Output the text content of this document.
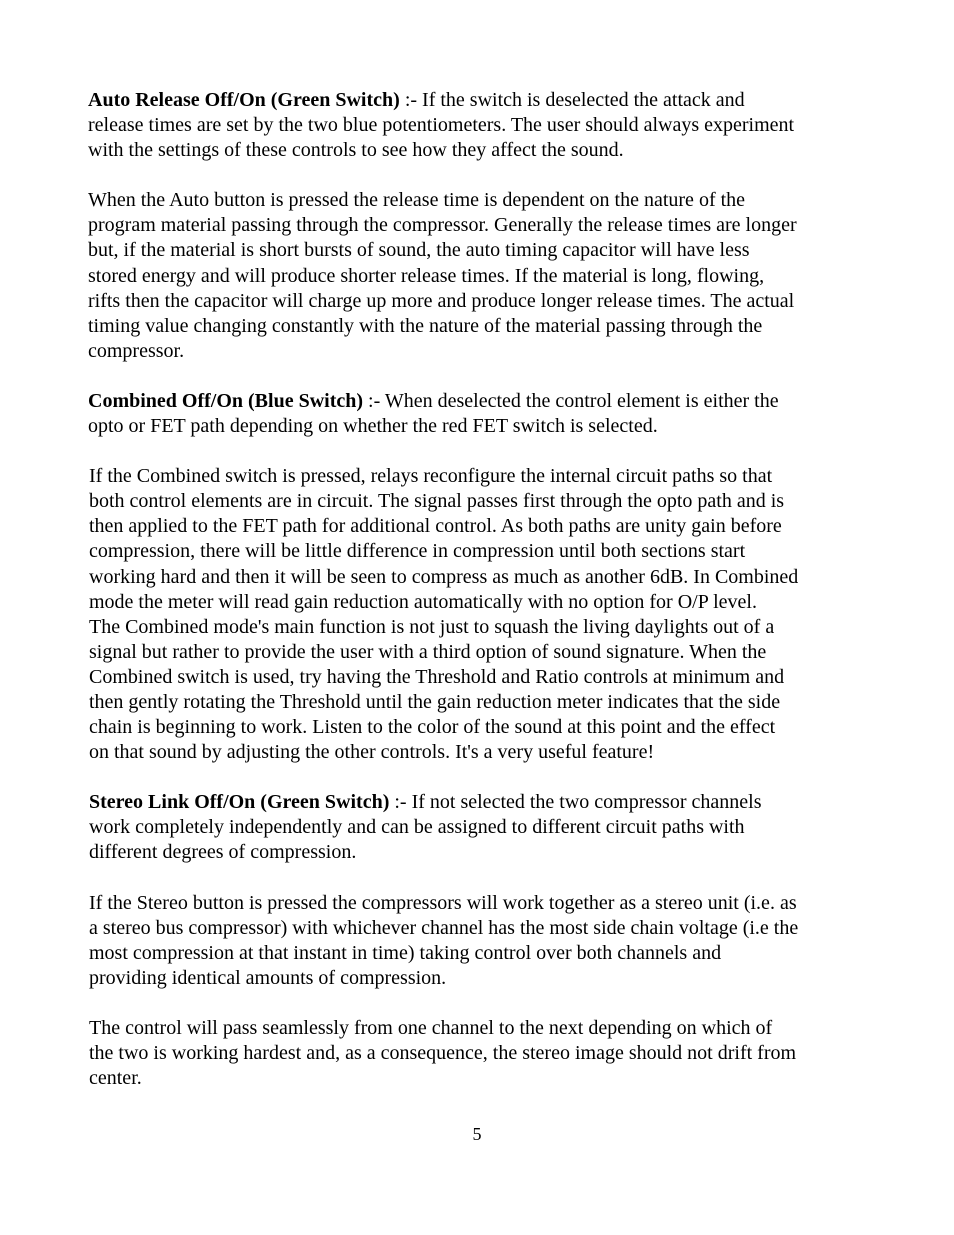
Auto Release Off/On (Green Switch) :- If the switch is deselected the attack and
release times are set by the two blue potentiometers. The user should always experiment
with the settings of these controls to see how they affect the sound.

When the Auto button is pressed the release time is dependent on the nature of the
program material passing through the compressor. Generally the release times are longer
but, if the material is short bursts of sound, the auto timing capacitor will have less
stored energy and will produce shorter release times. If the material is long, flowing,
rifts then the capacitor will charge up more and produce longer release times. The actual
timing value changing constantly with the nature of the material passing through the
compressor.

Combined Off/On (Blue Switch) :- When deselected the control element is either the
opto or FET path depending on whether the red FET switch is selected.

If the Combined switch is pressed, relays reconfigure the internal circuit paths so that
both control elements are in circuit. The signal passes first through the opto path and is
then applied to the FET path for additional control. As both paths are unity gain before
compression, there will be little difference in compression until both sections start
working hard and then it will be seen to compress as much as another 6dB. In Combined
mode the meter will read gain reduction automatically with no option for O/P level.
The Combined mode's main function is not just to squash the living daylights out of a
signal but rather to provide the user with a third option of sound signature. When the
Combined switch is used, try having the Threshold and Ratio controls at minimum and
then gently rotating the Threshold until the gain reduction meter indicates that the side
chain is beginning to work. Listen to the color of the sound at this point and the effect
on that sound by adjusting the other controls. It's a very useful feature!

Stereo Link Off/On (Green Switch) :- If not selected the two compressor channels
work completely independently and can be assigned to different circuit paths with
different degrees of compression.

If the Stereo button is pressed the compressors will work together as a stereo unit (i.e. as
a stereo bus compressor) with whichever channel has the most side chain voltage (i.e the
most compression at that instant in time) taking control over both channels and
providing identical amounts of compression.

The control will pass seamlessly from one channel to the next depending on which of
the two is working hardest and, as a consequence, the stereo image should not drift from
center.

5
